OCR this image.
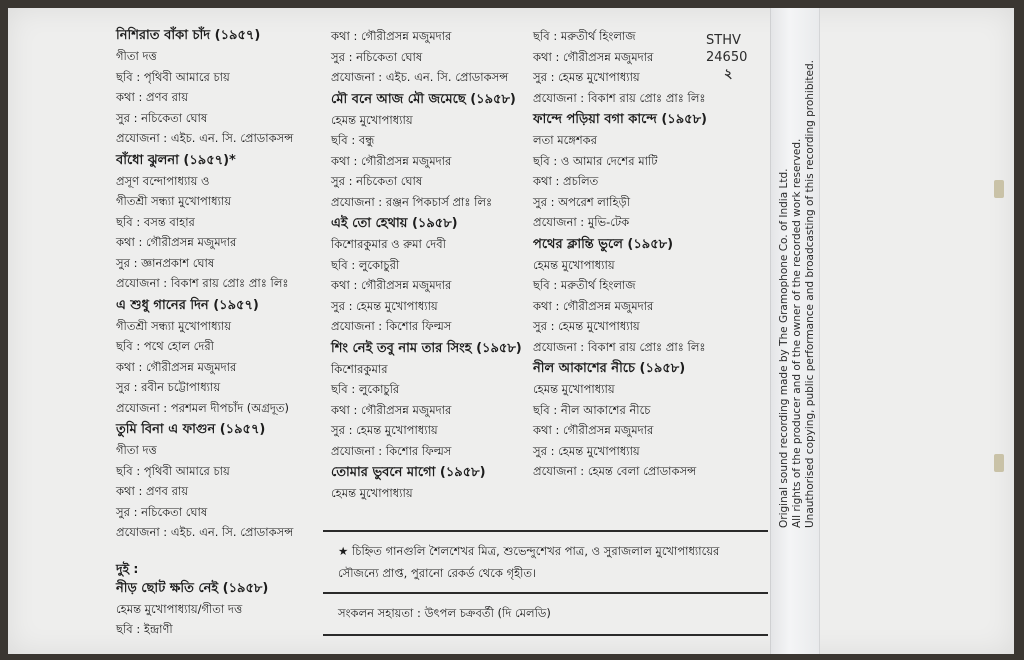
STHV
24650
২
নিশিরাত বাঁকা চাঁদ (১৯৫৭)
গীতা দত্ত
ছবি : পৃথিবী আমারে চায়
কথা : প্রণব রায়
সুর : নচিকেতা ঘোষ
প্রযোজনা : এইচ. এন. সি. প্রোডাকসন্স
বাঁধো ঝুলনা (১৯৫৭)*
প্রসূণ বন্দোপাধ্যায় ও
গীতশ্রী সন্ধ্যা মুখোপাধ্যায়
ছবি : বসন্ত বাহার
কথা : গৌরীপ্রসন্ন মজুমদার
সুর : জ্ঞানপ্রকাশ ঘোষ
প্রযোজনা : বিকাশ রায় প্রোঃ প্রাঃ লিঃ
এ শুধু গানের দিন (১৯৫৭)
গীতশ্রী সন্ধ্যা মুখোপাধ্যায়
ছবি : পথে হোল দেরী
কথা : গৌরীপ্রসন্ন মজুমদার
সুর : রবীন চট্টোপাধ্যায়
প্রযোজনা : পরশমল দীপচাঁদ (অগ্রদূত)
তুমি বিনা এ ফাগুন (১৯৫৭)
গীতা দত্ত
ছবি : পৃথিবী আমারে চায়
কথা : প্রণব রায়
সুর : নচিকেতা ঘোষ
প্রযোজনা : এইচ. এন. সি. প্রোডাকসন্স
দুই :
নীড় ছোট ক্ষতি নেই (১৯৫৮)
হেমন্ত মুখোপাধ্যায়/গীতা দত্ত
ছবি : ইন্দ্রাণী
কথা : গৌরীপ্রসন্ন মজুমদার
সুর : নচিকেতা ঘোষ
প্রযোজনা : এইচ. এন. সি. প্রোডাকসন্স
মৌ বনে আজ মৌ জমেছে (১৯৫৮)
হেমন্ত মুখোপাধ্যায়
ছবি : বন্ধু
কথা : গৌরীপ্রসন্ন মজুমদার
সুর : নচিকেতা ঘোষ
প্রযোজনা : রঞ্জন পিকচার্স প্রাঃ লিঃ
এই তো হেথায় (১৯৫৮)
কিশোরকুমার ও রুমা দেবী
ছবি : লুকোচুরী
কথা : গৌরীপ্রসন্ন মজুমদার
সুর : হেমন্ত মুখোপাধ্যায়
প্রযোজনা : কিশোর ফিল্মস
শিং নেই তবু নাম তার সিংহ (১৯৫৮)
কিশোরকুমার
ছবি : লুকোচুরি
কথা : গৌরীপ্রসন্ন মজুমদার
সুর : হেমন্ত মুখোপাধ্যায়
প্রযোজনা : কিশোর ফিল্মস
তোমার ভুবনে মাগো (১৯৫৮)
হেমন্ত মুখোপাধ্যায়
ছবি : মরুতীর্থ হিংলাজ
কথা : গৌরীপ্রসন্ন মজুমদার
সুর : হেমন্ত মুখোপাধ্যায়
প্রযোজনা : বিকাশ রায় প্রোঃ প্রাঃ লিঃ
ফান্দে পড়িয়া বগা কান্দে (১৯৫৮)
লতা মঙ্গেশকর
ছবি : ও আমার দেশের মাটি
কথা : প্রচলিত
সুর : অপরেশ লাহিড়ী
প্রযোজনা : মুভি-টেক
পথের ক্লান্তি ভুলে (১৯৫৮)
হেমন্ত মুখোপাধ্যায়
ছবি : মরুতীর্থ হিংলাজ
কথা : গৌরীপ্রসন্ন মজুমদার
সুর : হেমন্ত মুখোপাধ্যায়
প্রযোজনা : বিকাশ রায় প্রোঃ প্রাঃ লিঃ
নীল আকাশের নীচে (১৯৫৮)
হেমন্ত মুখোপাধ্যায়
ছবি : নীল আকাশের নীচে
কথা : গৌরীপ্রসন্ন মজুমদার
সুর : হেমন্ত মুখোপাধ্যায়
প্রযোজনা : হেমন্ত বেলা প্রোডাকসন্স
★ চিহ্নিত গানগুলি শৈলশেখর মিত্র, শুভেন্দুশেখর পাত্র, ও সুরাজলাল মুখোপাধ্যায়ের
সৌজন্যে প্রাপ্ত, পুরানো রেকর্ড থেকে গৃহীত।
সংকলন সহায়তা : উৎপল চক্রবর্তী (দি মেলডি)
Original sound recording made by The Gramophone Co. of India Ltd. All rights of the producer and of the owner of the recorded work reserved. Unauthorised copying, public performance and broadcasting of this recording prohibited.
